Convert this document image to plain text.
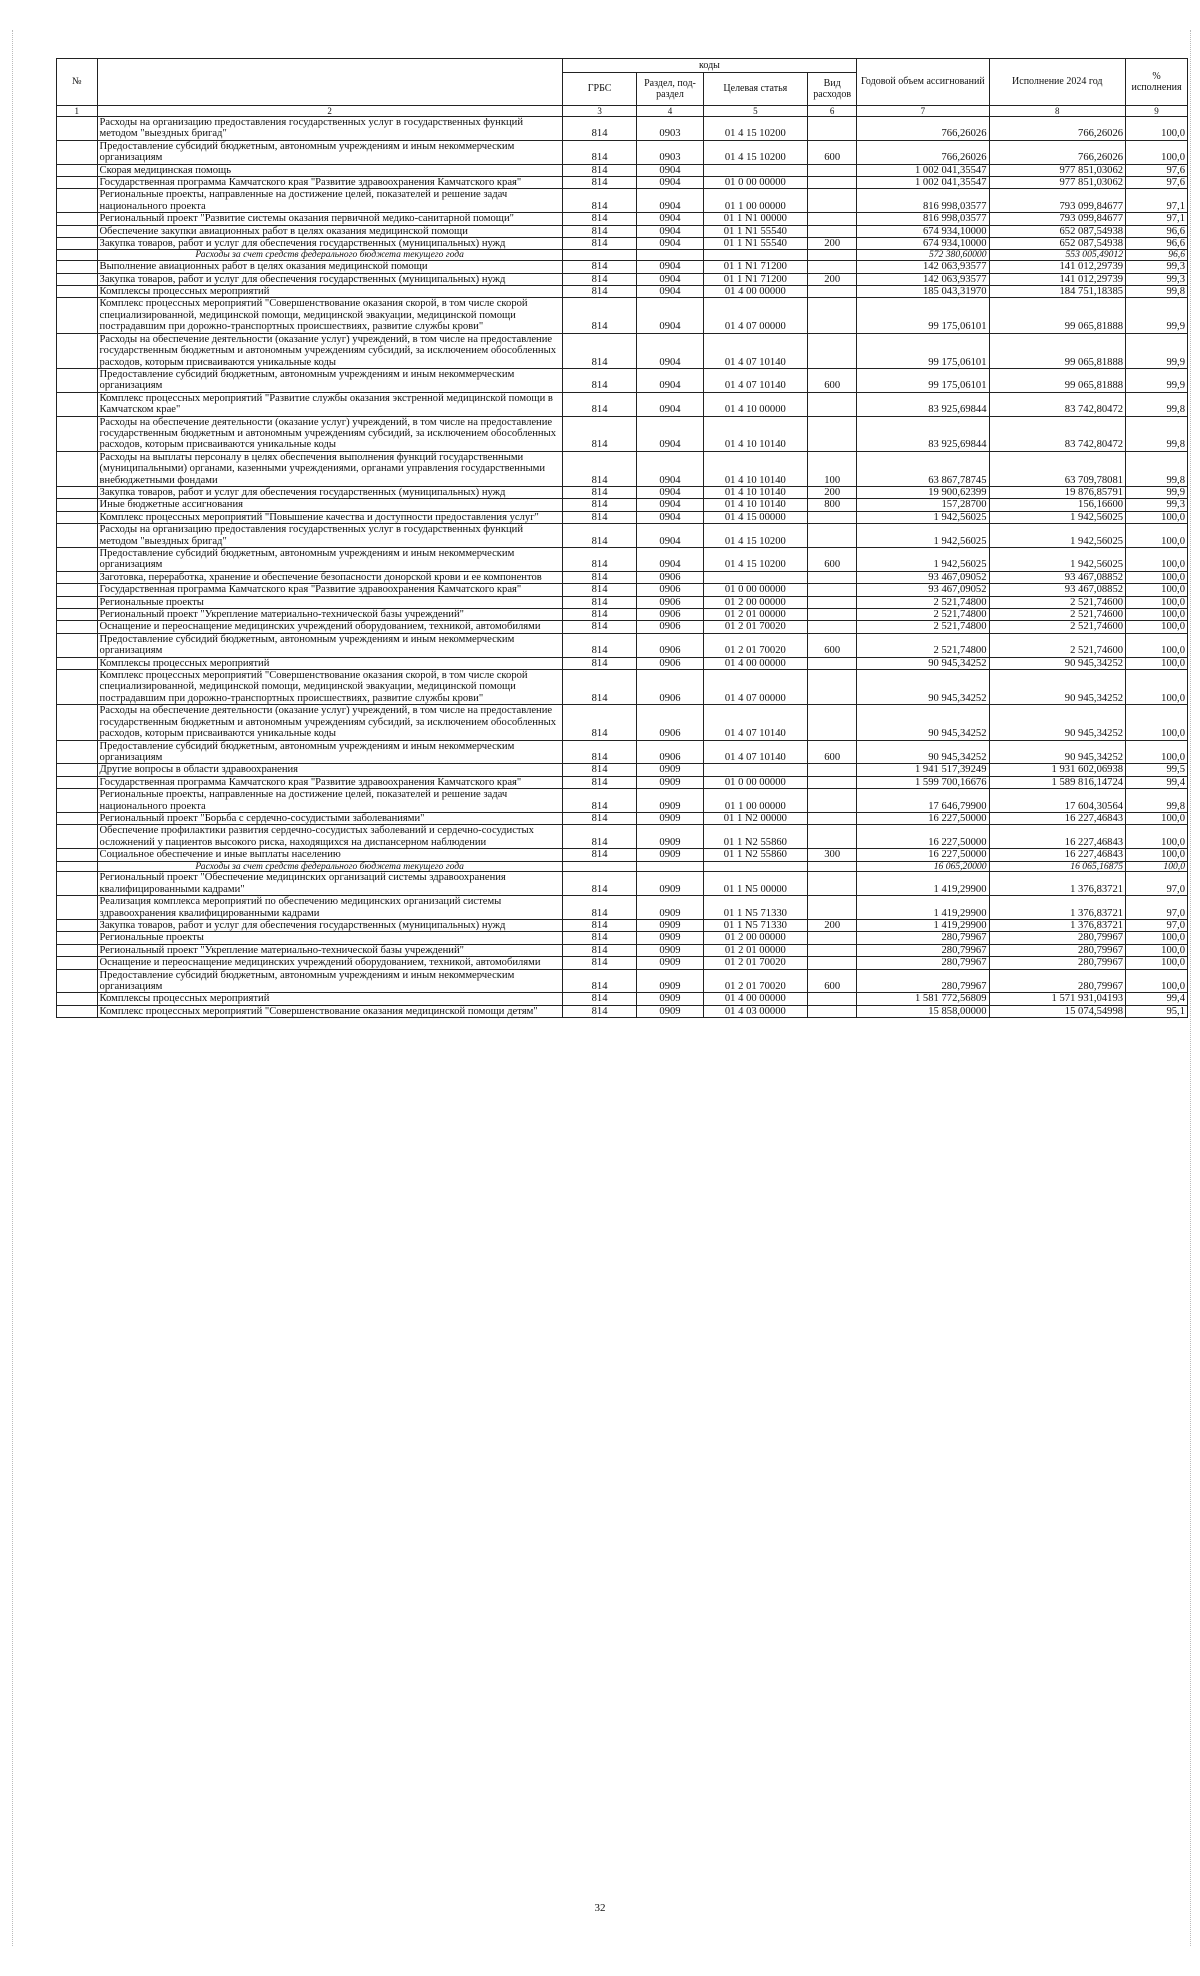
№		коды				Годовой объем ассигнований	Исполнение 2024 год	% исполнения
		ГРБС	Раздел, под-раздел	Целевая статья	Вид расходов			
1	2	3	4	5	6	7	8	9
	Расходы на организацию предоставления государственных услуг в государственных функций методом "выездных бригад"	814	0903	01 4 15 10200		766,26026	766,26026	100,0
	Предоставление субсидий бюджетным, автономным учреждениям и иным некоммерческим организациям	814	0903	01 4 15 10200	600	766,26026	766,26026	100,0
	Скорая медицинская помощь	814	0904			1 002 041,35547	977 851,03062	97,6
	Государственная программа Камчатского края "Развитие здравоохранения Камчатского края"	814	0904	01 0 00 00000		1 002 041,35547	977 851,03062	97,6
	Региональные проекты, направленные на достижение целей, показателей и решение задач национального проекта	814	0904	01 1 00 00000		816 998,03577	793 099,84677	97,1
	Региональный проект "Развитие системы оказания первичной медико-санитарной помощи"	814	0904	01 1 N1 00000		816 998,03577	793 099,84677	97,1
	Обеспечение закупки авиационных работ в целях оказания медицинской помощи	814	0904	01 1 N1 55540		674 934,10000	652 087,54938	96,6
	Закупка товаров, работ и услуг для обеспечения государственных (муниципальных) нужд	814	0904	01 1 N1 55540	200	674 934,10000	652 087,54938	96,6
	Расходы за счет средств федерального бюджета текущего года					572 380,60000	553 005,49012	96,6
	Выполнение авиационных работ в целях оказания медицинской помощи	814	0904	01 1 N1 71200		142 063,93577	141 012,29739	99,3
	Закупка товаров, работ и услуг для обеспечения государственных (муниципальных) нужд	814	0904	01 1 N1 71200	200	142 063,93577	141 012,29739	99,3
	Комплексы процессных мероприятий	814	0904	01 4 00 00000		185 043,31970	184 751,18385	99,8
	Комплекс процессных мероприятий "Совершенствование оказания скорой, в том числе скорой специализированной, медицинской помощи, медицинской эвакуации, медицинской помощи пострадавшим при дорожно-транспортных происшествиях, развитие службы крови"	814	0904	01 4 07 00000		99 175,06101	99 065,81888	99,9
	Расходы на обеспечение деятельности (оказание услуг) учреждений, в том числе на предоставление государственным бюджетным и автономным учреждениям субсидий, за исключением обособленных расходов, которым присваиваются уникальные коды	814	0904	01 4 07 10140		99 175,06101	99 065,81888	99,9
	Предоставление субсидий бюджетным, автономным учреждениям и иным некоммерческим организациям	814	0904	01 4 07 10140	600	99 175,06101	99 065,81888	99,9
	Комплекс процессных мероприятий "Развитие службы оказания экстренной медицинской помощи в Камчатском крае"	814	0904	01 4 10 00000		83 925,69844	83 742,80472	99,8
	Расходы на обеспечение деятельности (оказание услуг) учреждений, в том числе на предоставление государственным бюджетным и автономным учреждениям субсидий, за исключением обособленных расходов, которым присваиваются уникальные коды	814	0904	01 4 10 10140		83 925,69844	83 742,80472	99,8
	Расходы на выплаты персоналу в целях обеспечения выполнения функций государственными (муниципальными) органами, казенными учреждениями, органами управления государственными внебюджетными фондами	814	0904	01 4 10 10140	100	63 867,78745	63 709,78081	99,8
	Закупка товаров, работ и услуг для обеспечения государственных (муниципальных) нужд	814	0904	01 4 10 10140	200	19 900,62399	19 876,85791	99,9
	Иные бюджетные ассигнования	814	0904	01 4 10 10140	800	157,28700	156,16600	99,3
	Комплекс процессных мероприятий "Повышение качества и доступности предоставления услуг"	814	0904	01 4 15 00000		1 942,56025	1 942,56025	100,0
	Расходы на организацию предоставления государственных услуг в государственных функций методом "выездных бригад"	814	0904	01 4 15 10200		1 942,56025	1 942,56025	100,0
	Предоставление субсидий бюджетным, автономным учреждениям и иным некоммерческим организациям	814	0904	01 4 15 10200	600	1 942,56025	1 942,56025	100,0
	Заготовка, переработка, хранение и обеспечение безопасности донорской крови и ее компонентов	814	0906			93 467,09052	93 467,08852	100,0
	Государственная программа Камчатского края "Развитие здравоохранения Камчатского края"	814	0906	01 0 00 00000		93 467,09052	93 467,08852	100,0
	Региональные проекты	814	0906	01 2 00 00000		2 521,74800	2 521,74600	100,0
	Региональный проект "Укрепление материально-технической базы учреждений"	814	0906	01 2 01 00000		2 521,74800	2 521,74600	100,0
	Оснащение и переоснащение медицинских учреждений оборудованием, техникой, автомобилями	814	0906	01 2 01 70020		2 521,74800	2 521,74600	100,0
	Предоставление субсидий бюджетным, автономным учреждениям и иным некоммерческим организациям	814	0906	01 2 01 70020	600	2 521,74800	2 521,74600	100,0
	Комплексы процессных мероприятий	814	0906	01 4 00 00000		90 945,34252	90 945,34252	100,0
	Комплекс процессных мероприятий "Совершенствование оказания скорой, в том числе скорой специализированной, медицинской помощи, медицинской эвакуации, медицинской помощи пострадавшим при дорожно-транспортных происшествиях, развитие службы крови"	814	0906	01 4 07 00000		90 945,34252	90 945,34252	100,0
	Расходы на обеспечение деятельности (оказание услуг) учреждений, в том числе на предоставление государственным бюджетным и автономным учреждениям субсидий, за исключением обособленных расходов, которым присваиваются уникальные коды	814	0906	01 4 07 10140		90 945,34252	90 945,34252	100,0
	Предоставление субсидий бюджетным, автономным учреждениям и иным некоммерческим организациям	814	0906	01 4 07 10140	600	90 945,34252	90 945,34252	100,0
	Другие вопросы в области здравоохранения	814	0909			1 941 517,39249	1 931 602,06938	99,5
	Государственная программа Камчатского края "Развитие здравоохранения Камчатского края"	814	0909	01 0 00 00000		1 599 700,16676	1 589 816,14724	99,4
	Региональные проекты, направленные на достижение целей, показателей и решение задач национального проекта	814	0909	01 1 00 00000		17 646,79900	17 604,30564	99,8
	Региональный проект "Борьба с сердечно-сосудистыми заболеваниями"	814	0909	01 1 N2 00000		16 227,50000	16 227,46843	100,0
	Обеспечение профилактики развития сердечно-сосудистых заболеваний и сердечно-сосудистых осложнений у пациентов высокого риска, находящихся на диспансерном наблюдении	814	0909	01 1 N2 55860		16 227,50000	16 227,46843	100,0
	Социальное обеспечение и иные выплаты населению	814	0909	01 1 N2 55860	300	16 227,50000	16 227,46843	100,0
	Расходы за счет средств федерального бюджета текущего года					16 065,20000	16 065,16875	100,0
	Региональный проект "Обеспечение медицинских организаций системы здравоохранения квалифицированными кадрами"	814	0909	01 1 N5 00000		1 419,29900	1 376,83721	97,0
	Реализация комплекса мероприятий по обеспечению медицинских организаций системы здравоохранения квалифицированными кадрами	814	0909	01 1 N5 71330		1 419,29900	1 376,83721	97,0
	Закупка товаров, работ и услуг для обеспечения государственных (муниципальных) нужд	814	0909	01 1 N5 71330	200	1 419,29900	1 376,83721	97,0
	Региональные проекты	814	0909	01 2 00 00000		280,79967	280,79967	100,0
	Региональный проект "Укрепление материально-технической базы учреждений"	814	0909	01 2 01 00000		280,79967	280,79967	100,0
	Оснащение и переоснащение медицинских учреждений оборудованием, техникой, автомобилями	814	0909	01 2 01 70020		280,79967	280,79967	100,0
	Предоставление субсидий бюджетным, автономным учреждениям и иным некоммерческим организациям	814	0909	01 2 01 70020	600	280,79967	280,79967	100,0
	Комплексы процессных мероприятий	814	0909	01 4 00 00000		1 581 772,56809	1 571 931,04193	99,4
	Комплекс процессных мероприятий "Совершенствование оказания медицинской помощи детям"	814	0909	01 4 03 00000		15 858,00000	15 074,54998	95,1
32
